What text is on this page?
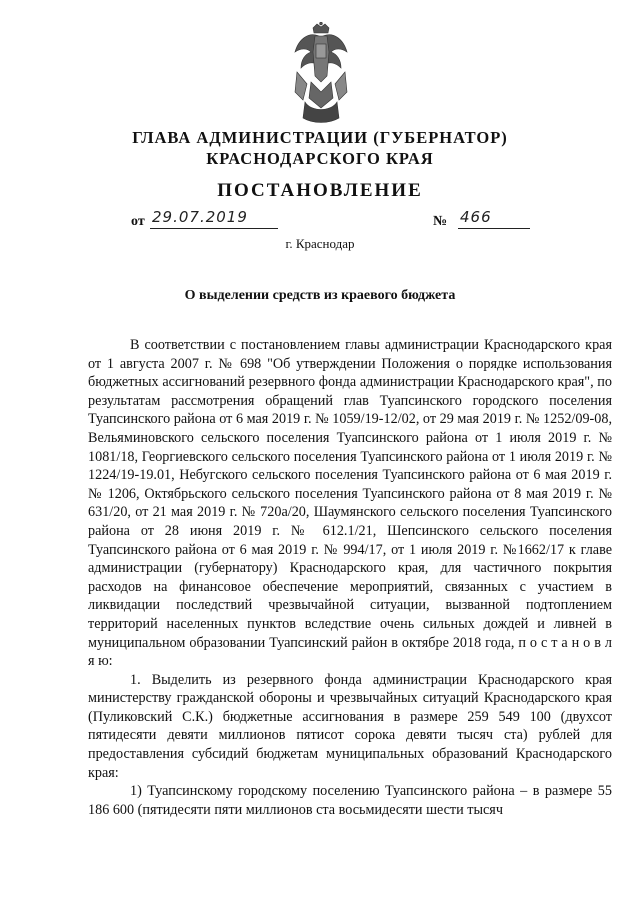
ГЛАВА АДМИНИСТРАЦИИ (ГУБЕРНАТОР)
КРАСНОДАРСКОГО КРАЯ
ПОСТАНОВЛЕНИЕ
от 29.07.2019	№ 466
г. Краснодар
О выделении средств из краевого бюджета

В соответствии с постановлением главы администрации Краснодарского края от 1 августа 2007 г. № 698 "Об утверждении Положения о порядке использования бюджетных ассигнований резервного фонда администрации Краснодарского края", по результатам рассмотрения обращений глав Туапсинского городского поселения Туапсинского района от 6 мая 2019 г. № 1059/19-12/02, от 29 мая 2019 г. № 1252/09-08, Вельяминовского сельского поселения Туапсинского района от 1 июля 2019 г. № 1081/18, Георгиевского сельского поселения Туапсинского района от 1 июля 2019 г. № 1224/19-19.01, Небугского сельского поселения Туапсинского района от 6 мая 2019 г. № 1206, Октябрьского сельского поселения Туапсинского района от 8 мая 2019 г. № 631/20, от 21 мая 2019 г. № 720а/20, Шаумянского сельского поселения Туапсинского района от 28 июня 2019 г. № 612.1/21, Шепсинского сельского поселения Туапсинского района от 6 мая 2019 г. № 994/17, от 1 июля 2019 г. №1662/17 к главе администрации (губернатору) Краснодарского края, для частичного покрытия расходов на финансовое обеспечение мероприятий, связанных с участием в ликвидации последствий чрезвычайной ситуации, вызванной подтоплением территорий населенных пунктов вследствие очень сильных дождей и ливней в муниципальном образовании Туапсинский район в октябре 2018 года, п о с т а н о в л я ю:

1. Выделить из резервного фонда администрации Краснодарского края министерству гражданской обороны и чрезвычайных ситуаций Краснодарского края (Пуликовский С.К.) бюджетные ассигнования в размере 259 549 100 (двухсот пятидесяти девяти миллионов пятисот сорока девяти тысяч ста) рублей для предоставления субсидий бюджетам муниципальных образований Краснодарского края:

1) Туапсинскому городскому поселению Туапсинского района – в размере 55 186 600 (пятидесяти пяти миллионов ста восьмидесяти шести тысяч
